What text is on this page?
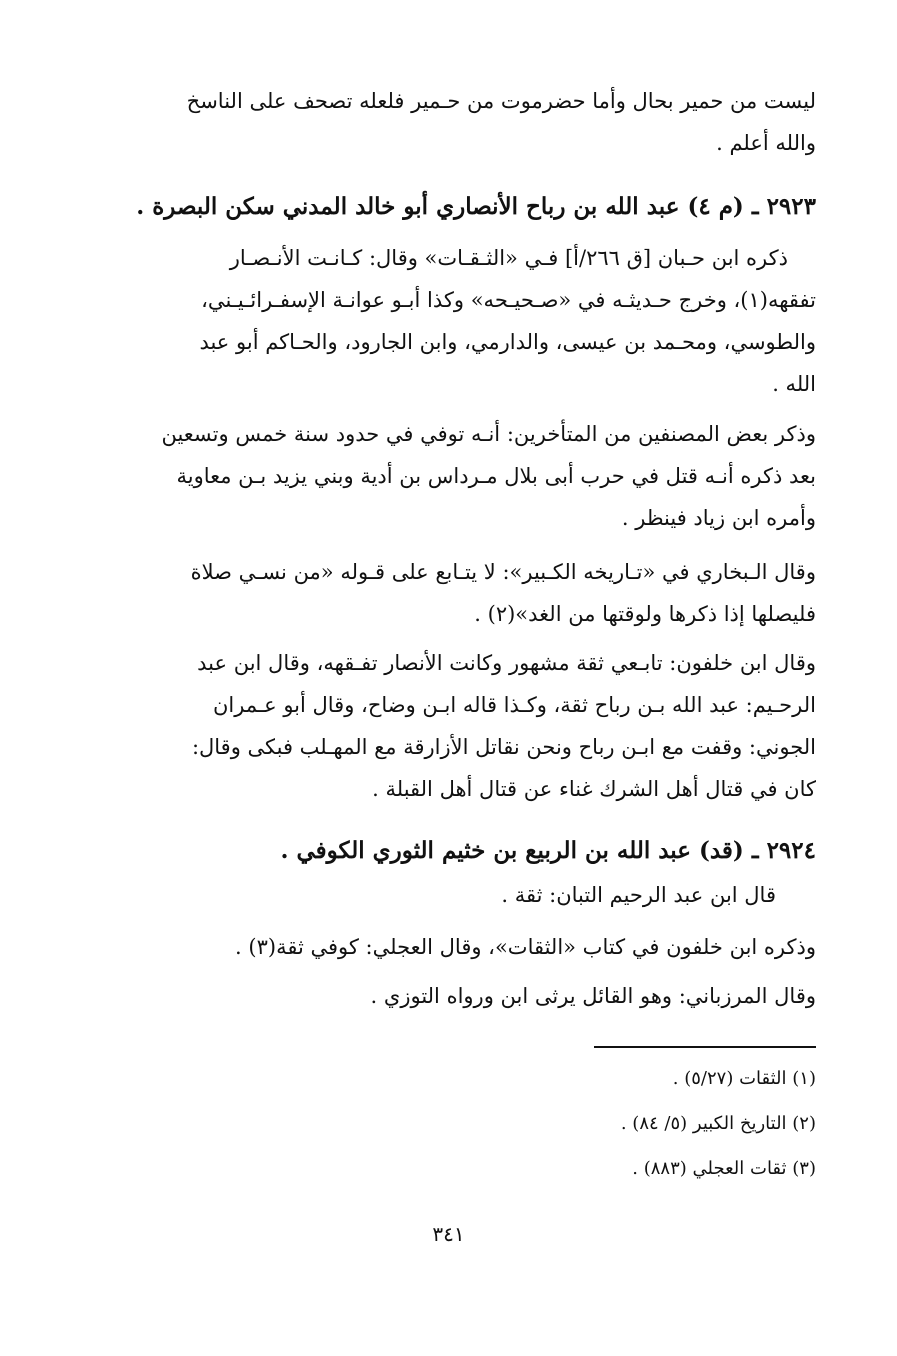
ليست من حمير بحال وأما حضرموت من حـمير فلعله تصحف على الناسخ
والله أعلم .
٢٩٢٣ ـ (م ٤) عبد الله بن رباح الأنصاري أبو خالد المدني سكن البصرة .
ذكره ابن حـبان [ق ٢٦٦/أ] فـي «الثـقـات» وقال: كـانـت الأنـصـار
تفقهه(١)، وخرج حـديثـه في «صـحيـحه» وكذا أبـو عوانـة الإسفـرائـيـني،
والطوسي، ومحـمد بن عيسى، والدارمي، وابن الجارود، والحـاكم أبو عبد
الله .
وذكر بعض المصنفين من المتأخرين: أنـه توفي في حدود سنة خمس وتسعين
بعد ذكره أنـه قتل في حرب أبى بلال مـرداس بن أدية وبني يزيد بـن معاوية
وأمره ابن زياد فينظر .
وقال الـبخاري في «تـاريخه الكـبير»: لا يتـابع على قـوله «من نسـي صلاة
فليصلها إذا ذكرها ولوقتها من الغد»(٢) .
وقال ابن خلفون: تابـعي ثقة مشهور وكانت الأنصار تفـقهه، وقال ابن عبد
الرحـيم: عبد الله بـن رباح ثقة، وكـذا قاله ابـن وضاح، وقال أبو عـمران
الجوني: وقفت مع ابـن رباح ونحن نقاتل الأزارقة مع المهـلب فبكى وقال:
كان في قتال أهل الشرك غناء عن قتال أهل القبلة .
٢٩٢٤ ـ (قد) عبد الله بن الربيع بن خثيم الثوري الكوفي .
قال ابن عبد الرحيم التبان: ثقة .
وذكره ابن خلفون في كتاب «الثقات»، وقال العجلي: كوفي ثقة(٣) .
وقال المرزباني: وهو القائل يرثى ابن ورواه التوزي .
(١) الثقات (٥/٢٧) .
(٢) التاريخ الكبير (٥/ ٨٤) .
(٣) ثقات العجلي (٨٨٣) .
٣٤١
